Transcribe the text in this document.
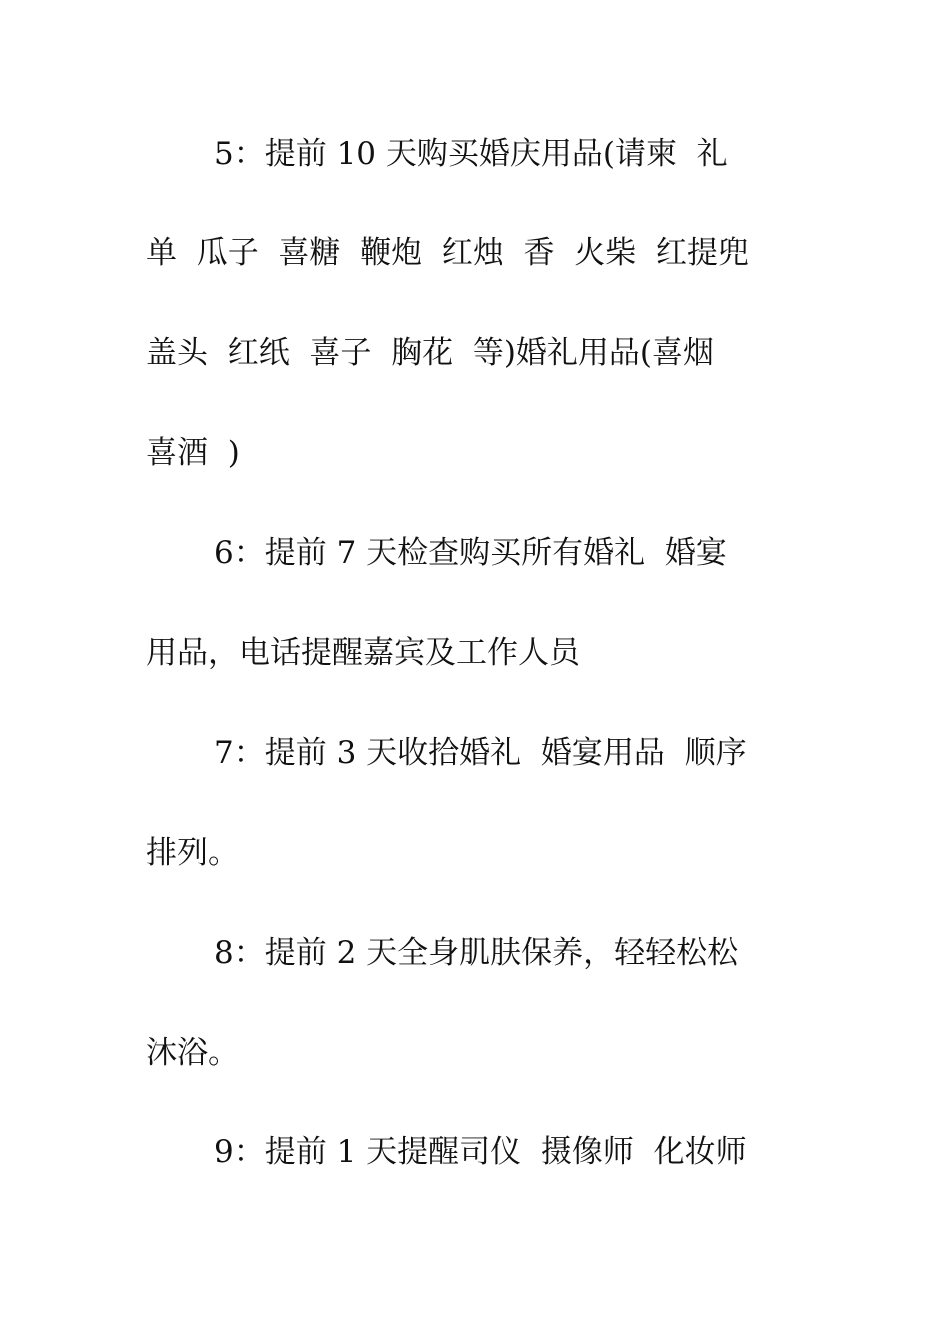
5：提前 10 天购买婚庆用品(请柬  礼
单  瓜子  喜糖  鞭炮  红烛  香  火柴  红提兜
盖头  红纸  喜子  胸花  等)婚礼用品(喜烟
喜酒  )
6：提前 7 天检查购买所有婚礼  婚宴
用品，电话提醒嘉宾及工作人员
7：提前 3 天收拾婚礼  婚宴用品  顺序
排列。
8：提前 2 天全身肌肤保养，轻轻松松
沐浴。
9：提前 1 天提醒司仪  摄像师  化妆师
